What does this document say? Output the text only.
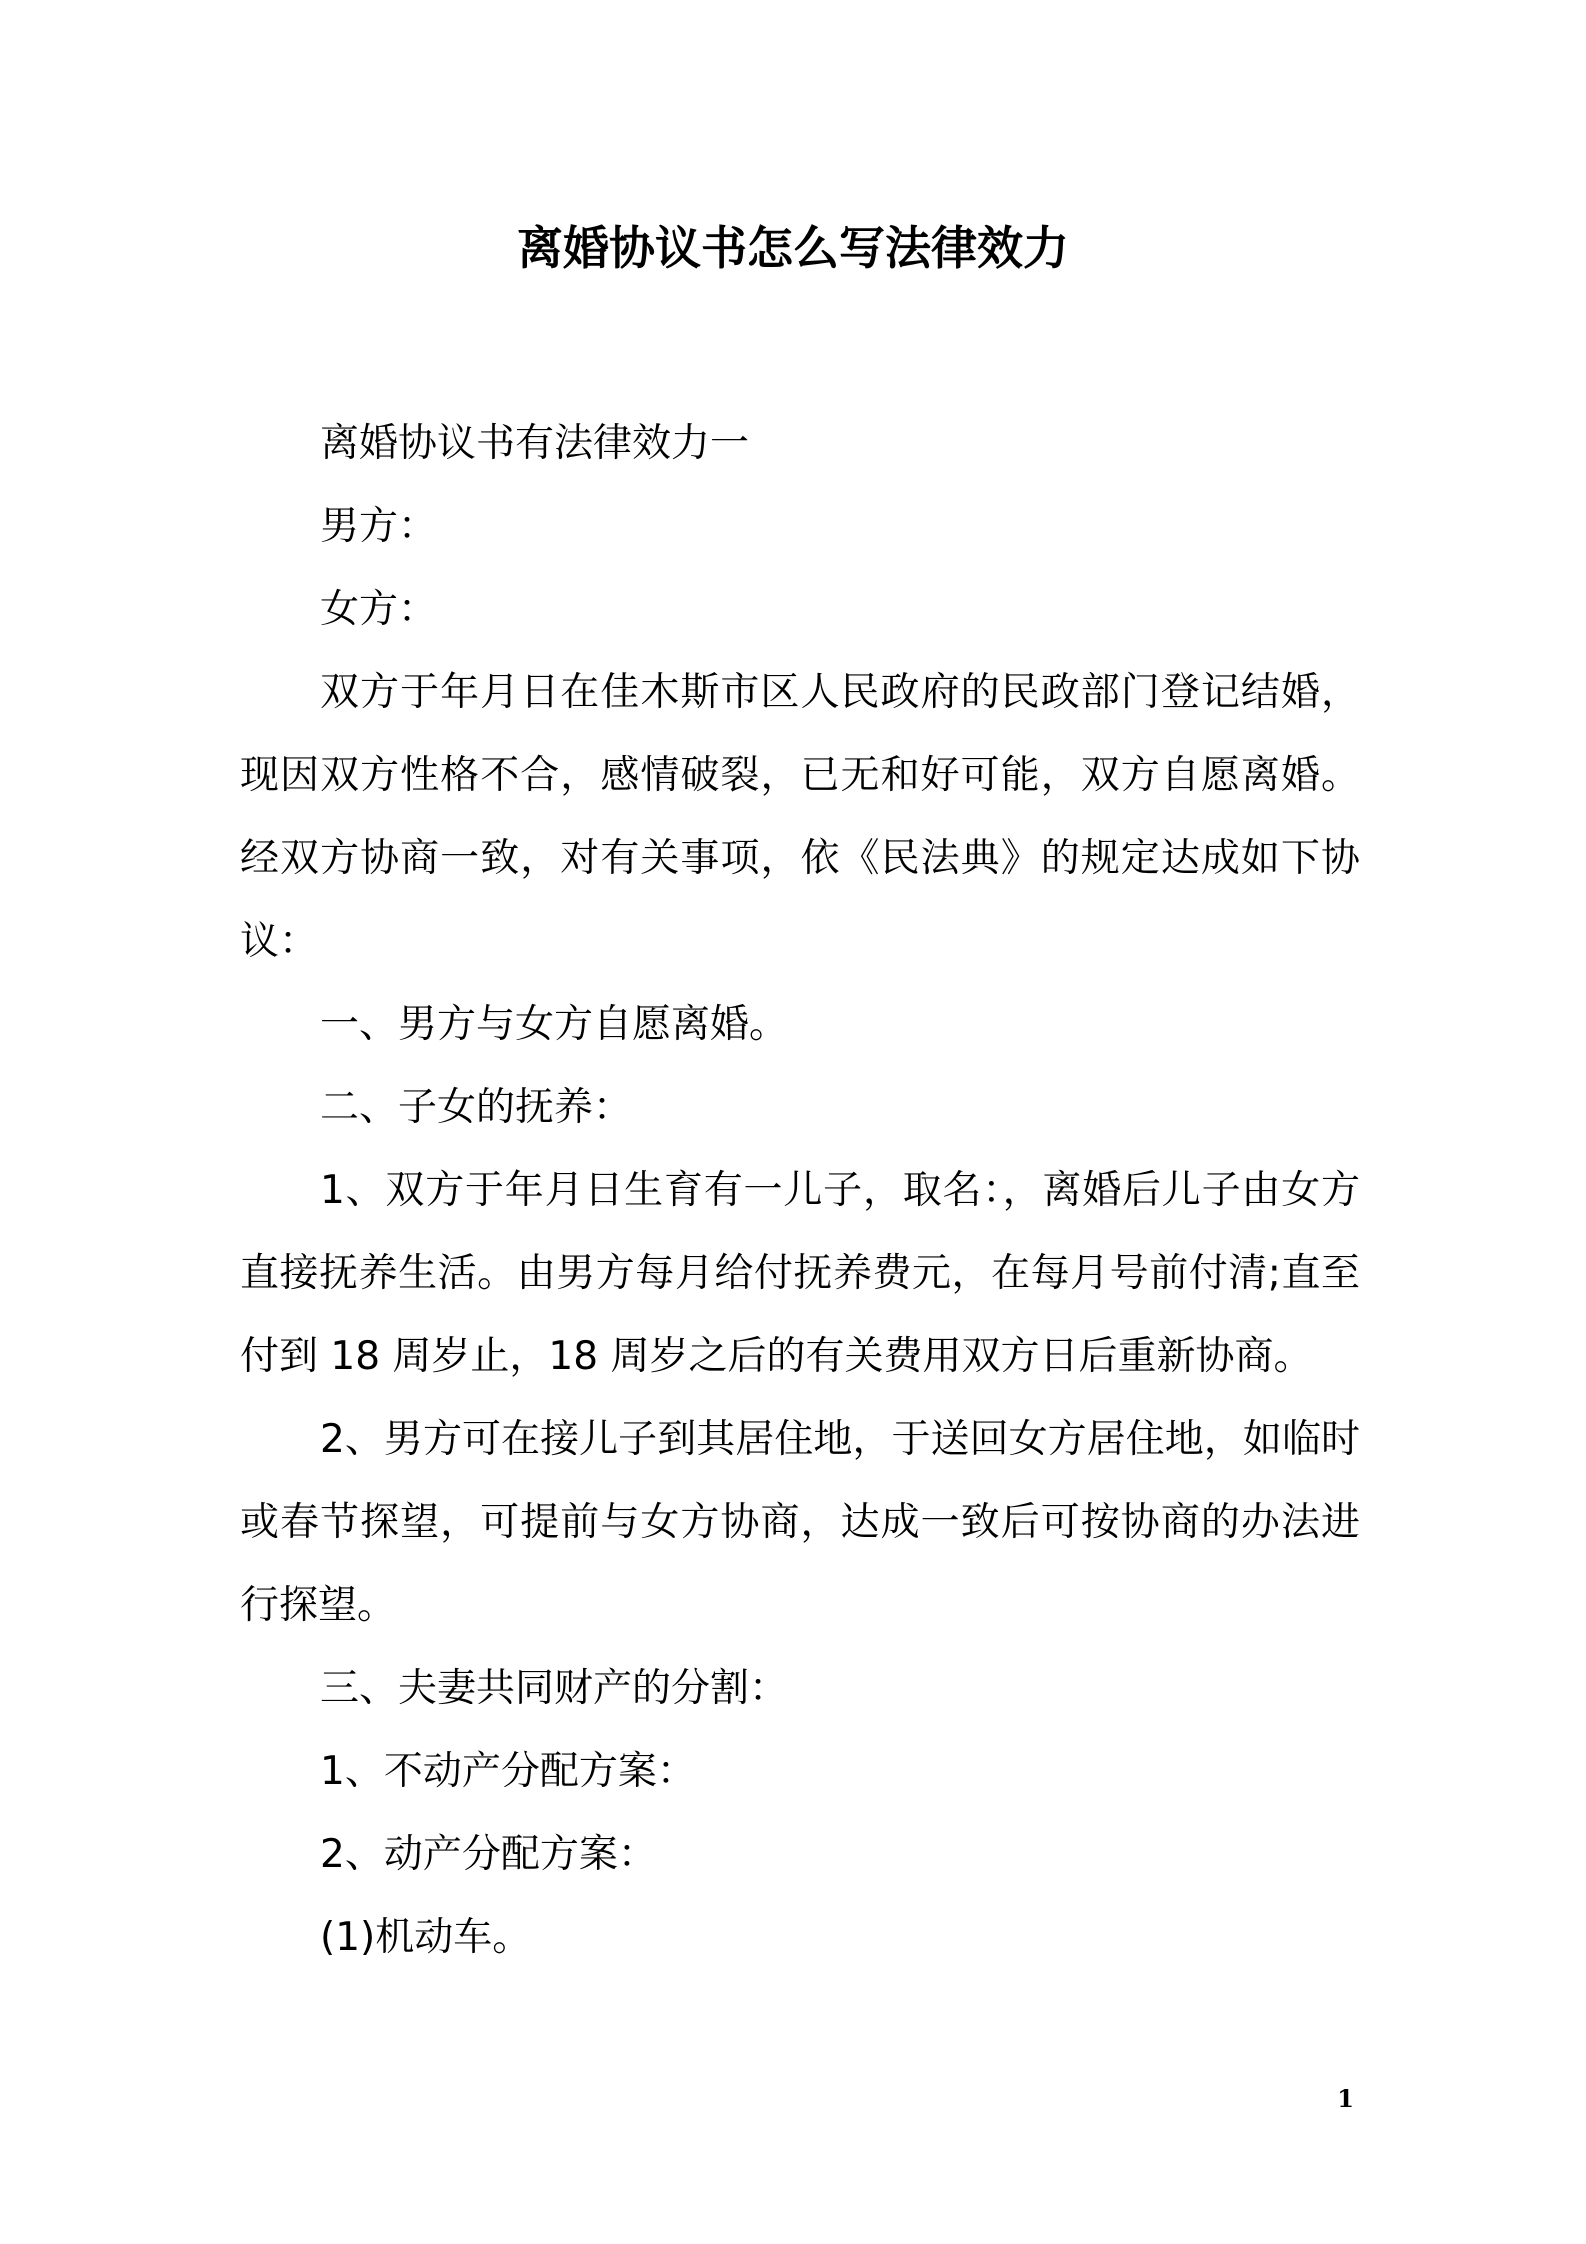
离婚协议书怎么写法律效力

离婚协议书有法律效力一

男方：

女方：

双方于年月日在佳木斯市区人民政府的民政部门登记结婚，现因双方性格不合，感情破裂，已无和好可能，双方自愿离婚。经双方协商一致，对有关事项，依《民法典》的规定达成如下协议：

一、男方与女方自愿离婚。

二、子女的抚养：

1、双方于年月日生育有一儿子，取名：，离婚后儿子由女方直接抚养生活。由男方每月给付抚养费元，在每月号前付清;直至付到 18 周岁止，18 周岁之后的有关费用双方日后重新协商。

2、男方可在接儿子到其居住地，于送回女方居住地，如临时或春节探望，可提前与女方协商，达成一致后可按协商的办法进行探望。

三、夫妻共同财产的分割：

1、不动产分配方案：

2、动产分配方案：

(1)机动车。

1
